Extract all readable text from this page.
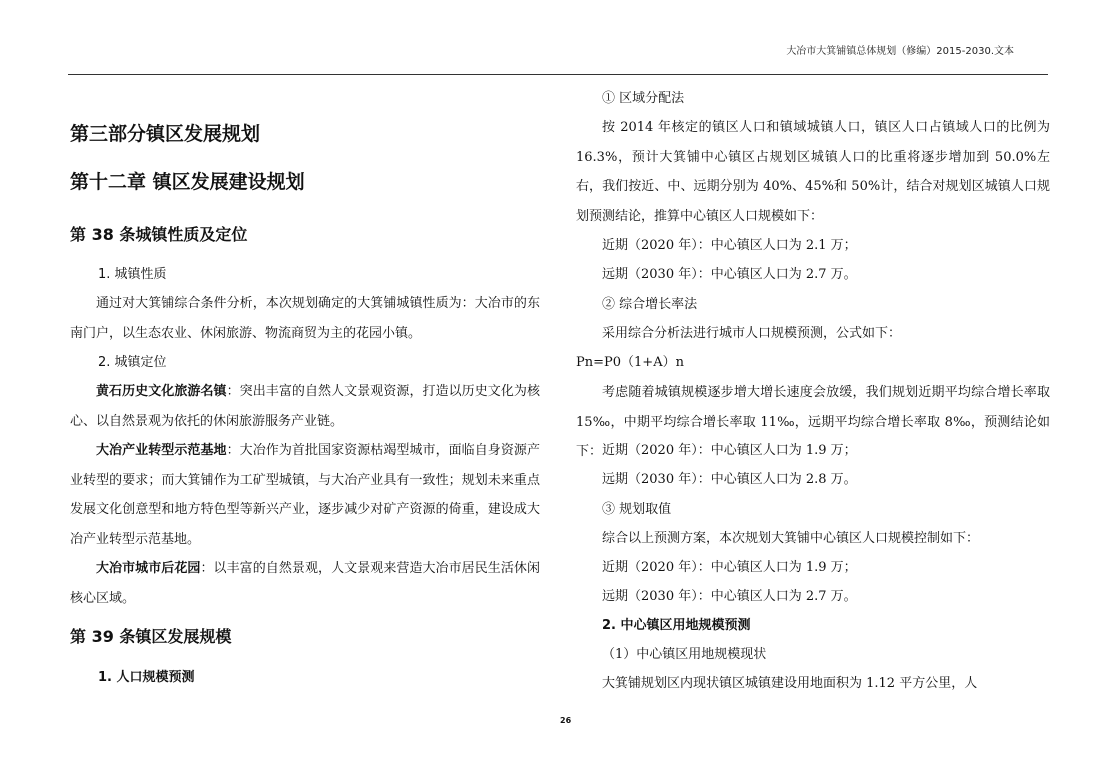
大冶市大箕铺镇总体规划（修编）2015-2030.文本
第三部分镇区发展规划
第十二章 镇区发展建设规划
第 38 条城镇性质及定位
1. 城镇性质

通过对大箕铺综合条件分析，本次规划确定的大箕铺城镇性质为：大冶市的东南门户，以生态农业、休闲旅游、物流商贸为主的花园小镇。

2. 城镇定位

黄石历史文化旅游名镇：突出丰富的自然人文景观资源，打造以历史文化为核心、以自然景观为依托的休闲旅游服务产业链。

大冶产业转型示范基地：大冶作为首批国家资源枯竭型城市，面临自身资源产业转型的要求；而大箕铺作为工矿型城镇，与大冶产业具有一致性；规划未来重点发展文化创意型和地方特色型等新兴产业，逐步减少对矿产资源的倚重，建设成大冶产业转型示范基地。

大冶市城市后花园：以丰富的自然景观，人文景观来营造大冶市居民生活休闲核心区域。

第 39 条镇区发展规模
1. 人口规模预测
① 区域分配法

按 2014 年核定的镇区人口和镇域城镇人口，镇区人口占镇域人口的比例为16.3%，预计大箕铺中心镇区占规划区城镇人口的比重将逐步增加到 50.0%左右，我们按近、中、远期分别为 40%、45%和 50%计，结合对规划区城镇人口规划预测结论，推算中心镇区人口规模如下：

近期（2020 年）：中心镇区人口为 2.1 万；
远期（2030 年）：中心镇区人口为 2.7 万。
② 综合增长率法
采用综合分析法进行城市人口规模预测，公式如下：
Pn=P0（1+A）n

考虑随着城镇规模逐步增大增长速度会放缓，我们规划近期平均综合增长率取 15‰，中期平均综合增长率取 11‰，远期平均综合增长率取 8‰，预测结论如下： 近期（2020 年）：中心镇区人口为 1.9 万；
远期（2030 年）：中心镇区人口为 2.8 万。
③ 规划取值
综合以上预测方案，本次规划大箕铺中心镇区人口规模控制如下：
近期（2020 年）：中心镇区人口为 1.9 万；
远期（2030 年）：中心镇区人口为 2.7 万。
2. 中心镇区用地规模预测
（1）中心镇区用地规模现状
大箕铺规划区内现状镇区城镇建设用地面积为 1.12 平方公里，人
26
